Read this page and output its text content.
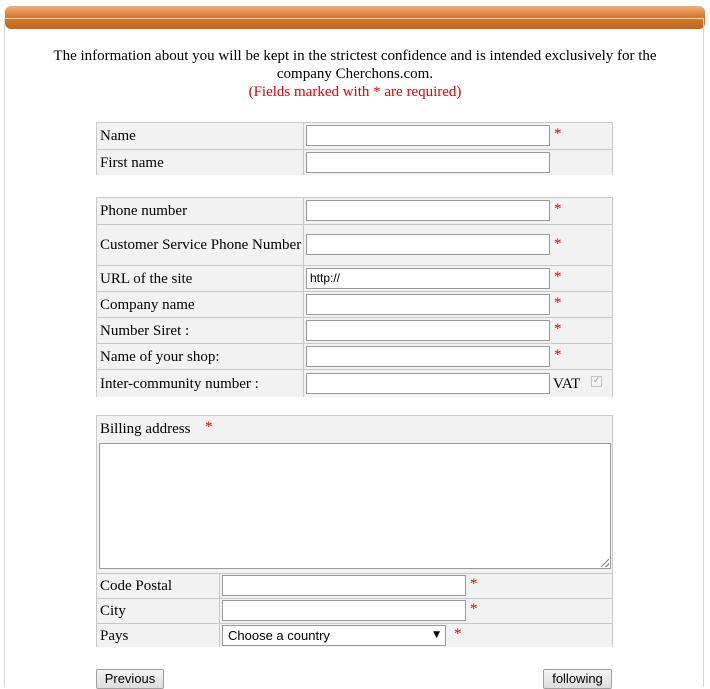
The information about you will be kept in the strictest confidence and is intended exclusively for the
company Cherchons.com.
(Fields marked with * are required)
Name	*
First name
Phone number	*
Customer Service Phone Number	*
URL of the site	http://	*
Company name	*
Number Siret :	*
Name of your shop:	*
Inter-community number :	VAT ✓
Billing address *
Code Postal	*
City	*
Pays	Choose a country	▼ *
Previous	following
